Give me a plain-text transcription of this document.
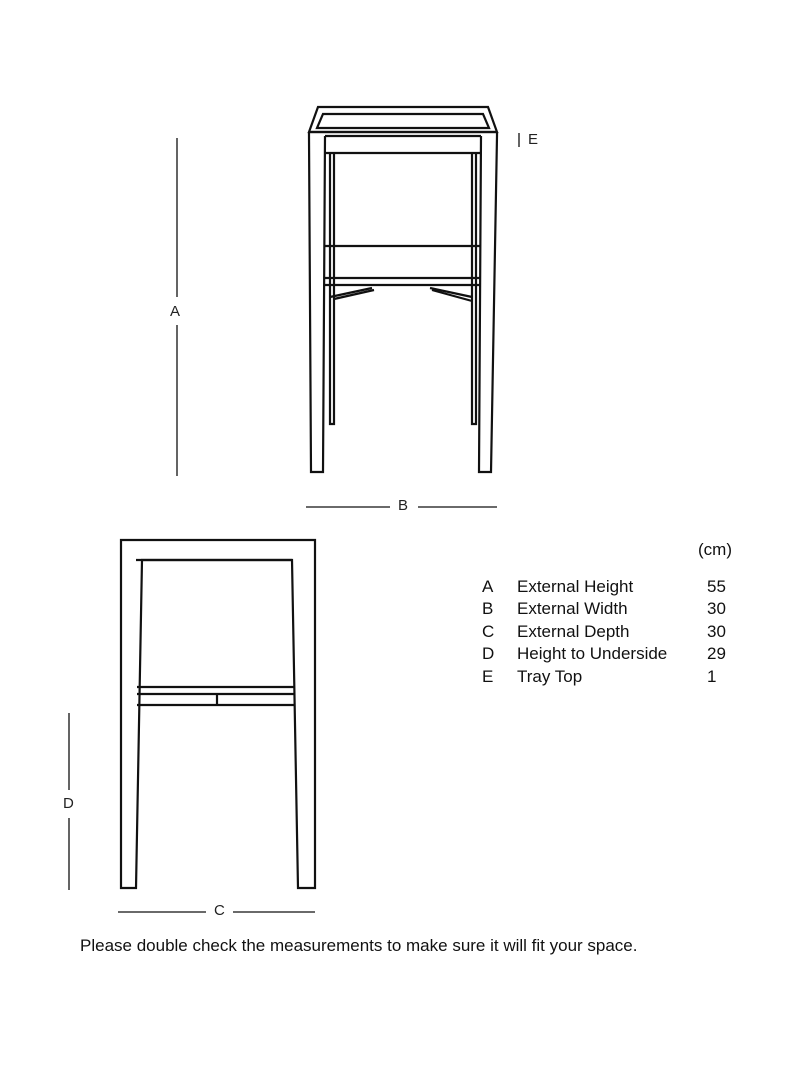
A
B
C
D
E
(cm)
A	External Height	55
B	External Width	30
C	External Depth	30
D	Height to Underside	29
E	Tray Top	1
Please double check the measurements to make sure it will fit your space.
